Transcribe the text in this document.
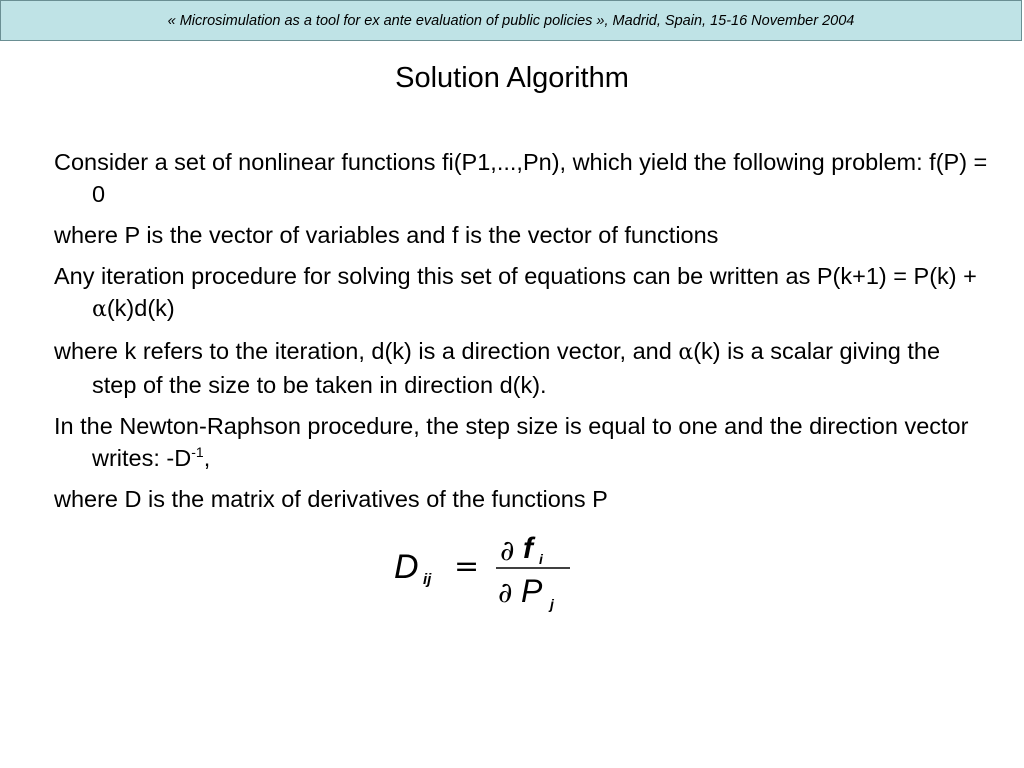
« Microsimulation as a tool for ex ante evaluation of public policies », Madrid, Spain, 15-16 November 2004
Solution Algorithm
Consider a set of nonlinear functions fi(P1,...,Pn), which yield the following problem: f(P) = 0
where P is the vector of variables and f is the vector of functions
Any iteration procedure for solving this set of equations can be written as P(k+1) = P(k) + α(k)d(k)
where k refers to the iteration, d(k) is a direction vector, and α(k) is a scalar giving the step of the size to be taken in direction d(k).
In the Newton-Raphson procedure, the step size is equal to one and the direction vector writes: $-D^{-1}$,
where D is the matrix of derivatives of the functions P
D ij = ∂ f i
∂ P j
